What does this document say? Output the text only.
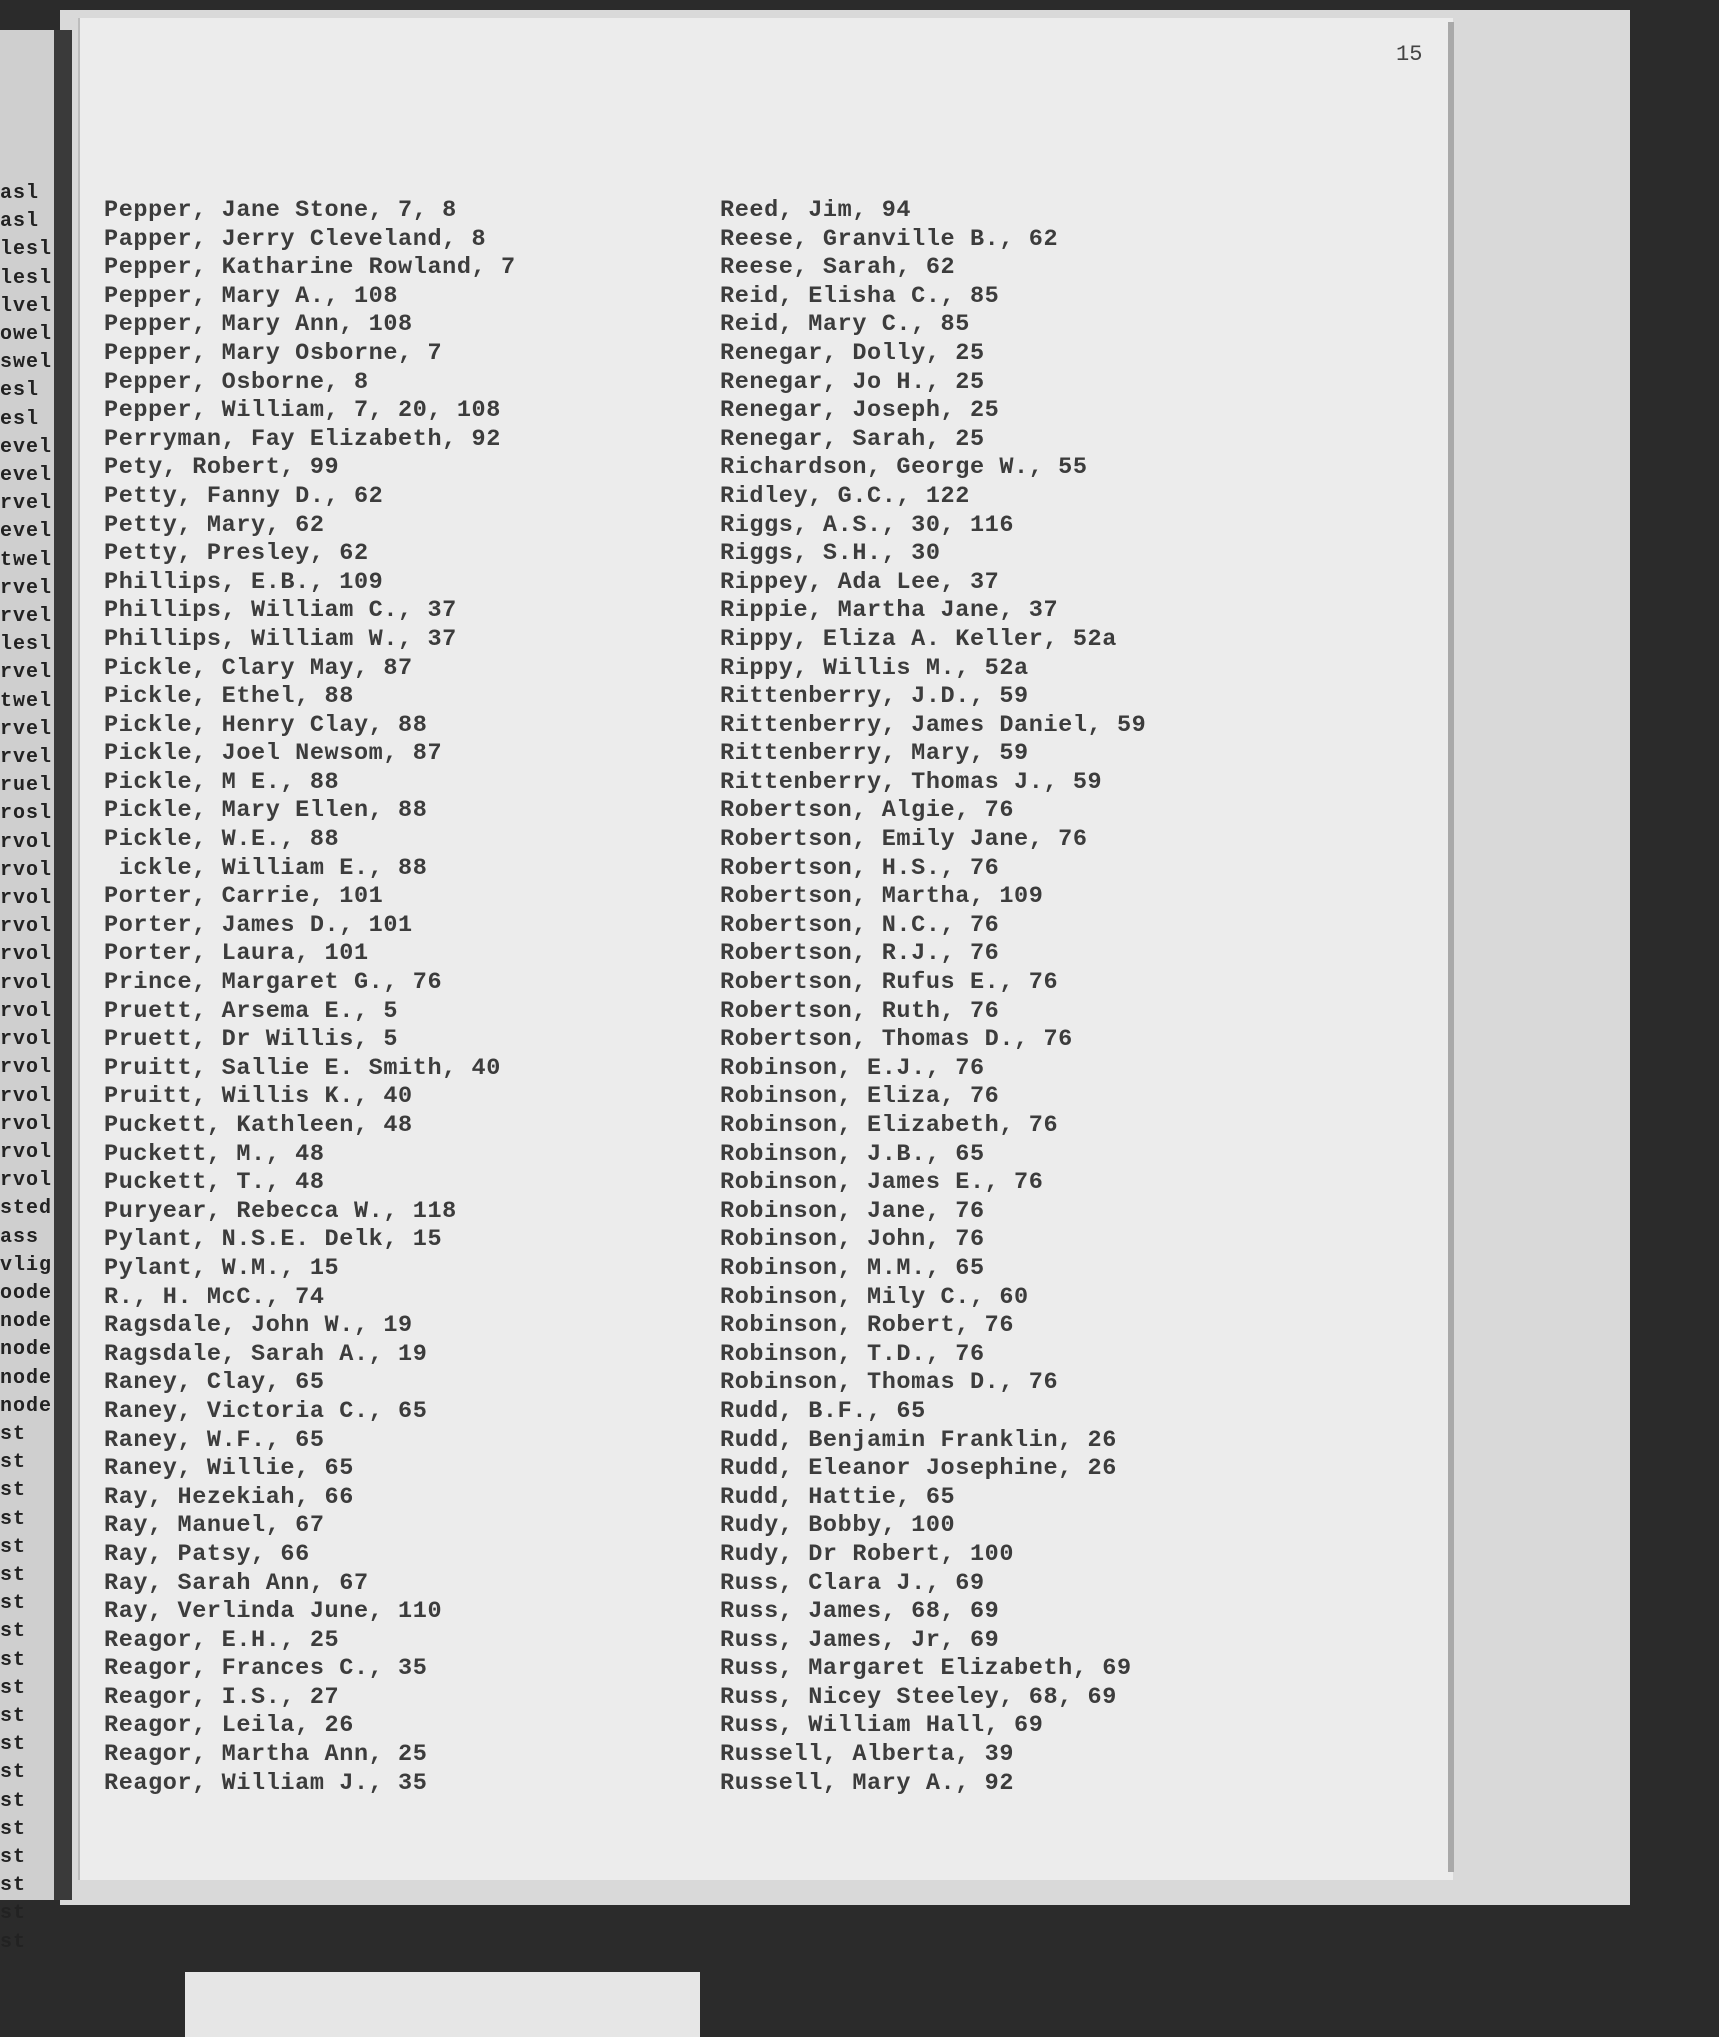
asl
asl
lesl
lesl
lvel
owel
swel
esl
esl
evel
evel
rvel
evel
twel
rvel
rvel
lesl
rvel
twel
rvel
rvel
ruel
rosl
rvol
rvol
rvol
rvol
rvol
rvol
rvol
rvol
rvol
rvol
rvol
rvol
rvol
sted
ass
vlig
oode
node
node
node
node
st
st
st
st
st
st
st
st
st
st
st
st
st
st
st
st
st
st
st
15
Pepper, Jane Stone, 7, 8
Papper, Jerry Cleveland, 8
Pepper, Katharine Rowland, 7
Pepper, Mary A., 108
Pepper, Mary Ann, 108
Pepper, Mary Osborne, 7
Pepper, Osborne, 8
Pepper, William, 7, 20, 108
Perryman, Fay Elizabeth, 92
Pety, Robert, 99
Petty, Fanny D., 62
Petty, Mary, 62
Petty, Presley, 62
Phillips, E.B., 109
Phillips, William C., 37
Phillips, William W., 37
Pickle, Clary May, 87
Pickle, Ethel, 88
Pickle, Henry Clay, 88
Pickle, Joel Newsom, 87
Pickle, M E., 88
Pickle, Mary Ellen, 88
Pickle, W.E., 88
ickle, William E., 88
Porter, Carrie, 101
Porter, James D., 101
Porter, Laura, 101
Prince, Margaret G., 76
Pruett, Arsema E., 5
Pruett, Dr Willis, 5
Pruitt, Sallie E. Smith, 40
Pruitt, Willis K., 40
Puckett, Kathleen, 48
Puckett, M., 48
Puckett, T., 48
Puryear, Rebecca W., 118
Pylant, N.S.E. Delk, 15
Pylant, W.M., 15
R., H. McC., 74
Ragsdale, John W., 19
Ragsdale, Sarah A., 19
Raney, Clay, 65
Raney, Victoria C., 65
Raney, W.F., 65
Raney, Willie, 65
Ray, Hezekiah, 66
Ray, Manuel, 67
Ray, Patsy, 66
Ray, Sarah Ann, 67
Ray, Verlinda June, 110
Reagor, E.H., 25
Reagor, Frances C., 35
Reagor, I.S., 27
Reagor, Leila, 26
Reagor, Martha Ann, 25
Reagor, William J., 35
Reed, Jim, 94
Reese, Granville B., 62
Reese, Sarah, 62
Reid, Elisha C., 85
Reid, Mary C., 85
Renegar, Dolly, 25
Renegar, Jo H., 25
Renegar, Joseph, 25
Renegar, Sarah, 25
Richardson, George W., 55
Ridley, G.C., 122
Riggs, A.S., 30, 116
Riggs, S.H., 30
Rippey, Ada Lee, 37
Rippie, Martha Jane, 37
Rippy, Eliza A. Keller, 52a
Rippy, Willis M., 52a
Rittenberry, J.D., 59
Rittenberry, James Daniel, 59
Rittenberry, Mary, 59
Rittenberry, Thomas J., 59
Robertson, Algie, 76
Robertson, Emily Jane, 76
Robertson, H.S., 76
Robertson, Martha, 109
Robertson, N.C., 76
Robertson, R.J., 76
Robertson, Rufus E., 76
Robertson, Ruth, 76
Robertson, Thomas D., 76
Robinson, E.J., 76
Robinson, Eliza, 76
Robinson, Elizabeth, 76
Robinson, J.B., 65
Robinson, James E., 76
Robinson, Jane, 76
Robinson, John, 76
Robinson, M.M., 65
Robinson, Mily C., 60
Robinson, Robert, 76
Robinson, T.D., 76
Robinson, Thomas D., 76
Rudd, B.F., 65
Rudd, Benjamin Franklin, 26
Rudd, Eleanor Josephine, 26
Rudd, Hattie, 65
Rudy, Bobby, 100
Rudy, Dr Robert, 100
Russ, Clara J., 69
Russ, James, 68, 69
Russ, James, Jr, 69
Russ, Margaret Elizabeth, 69
Russ, Nicey Steeley, 68, 69
Russ, William Hall, 69
Russell, Alberta, 39
Russell, Mary A., 92
